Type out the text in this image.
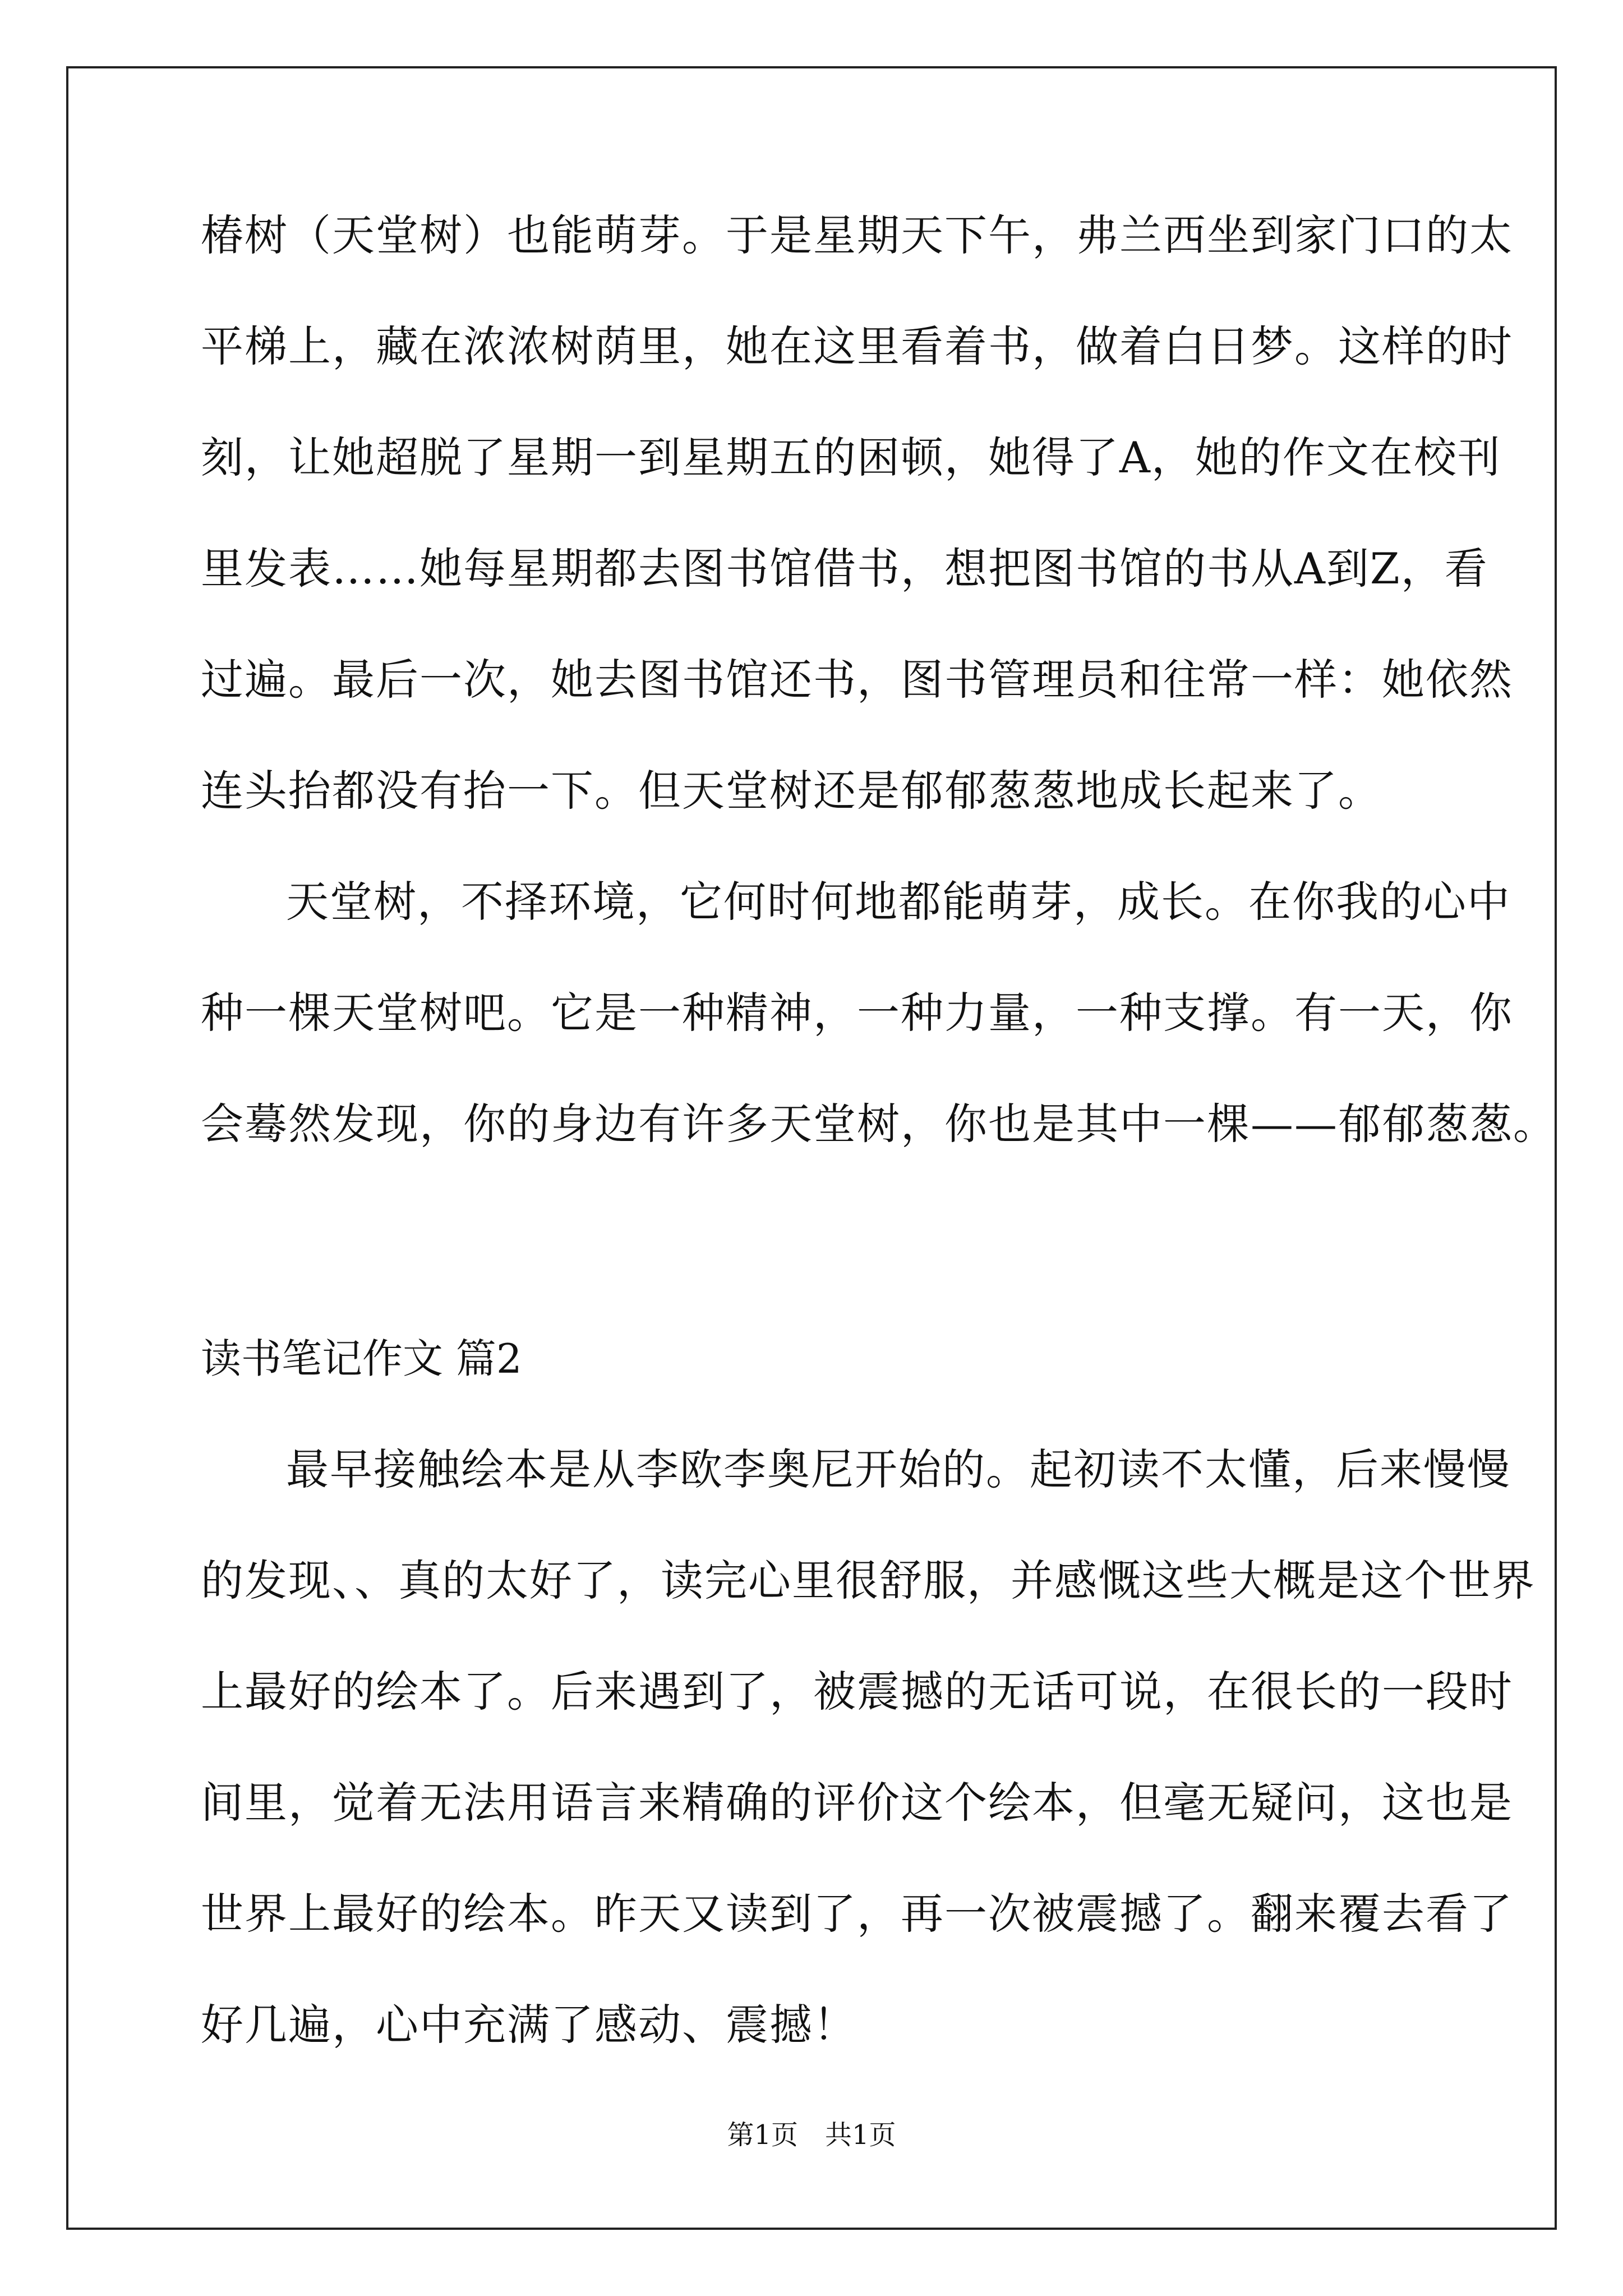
椿树（天堂树）也能萌芽。于是星期天下午，弗兰西坐到家门口的太
平梯上，藏在浓浓树荫里，她在这里看着书，做着白日梦。这样的时
刻，让她超脱了星期一到星期五的困顿，她得了A，她的作文在校刊
里发表……她每星期都去图书馆借书，想把图书馆的书从A到Z，看
过遍。最后一次，她去图书馆还书，图书管理员和往常一样：她依然
连头抬都没有抬一下。但天堂树还是郁郁葱葱地成长起来了。
天堂树，不择环境，它何时何地都能萌芽，成长。在你我的心中
种一棵天堂树吧。它是一种精神，一种力量，一种支撑。有一天，你
会蓦然发现，你的身边有许多天堂树，你也是其中一棵——郁郁葱葱。
读书笔记作文 篇2
最早接触绘本是从李欧李奥尼开始的。起初读不太懂，后来慢慢
的发现、、真的太好了，读完心里很舒服，并感慨这些大概是这个世界
上最好的绘本了。后来遇到了，被震撼的无话可说，在很长的一段时
间里，觉着无法用语言来精确的评价这个绘本，但毫无疑问，这也是
世界上最好的绘本。昨天又读到了，再一次被震撼了。翻来覆去看了
好几遍，心中充满了感动、震撼！
第1页　共1页
